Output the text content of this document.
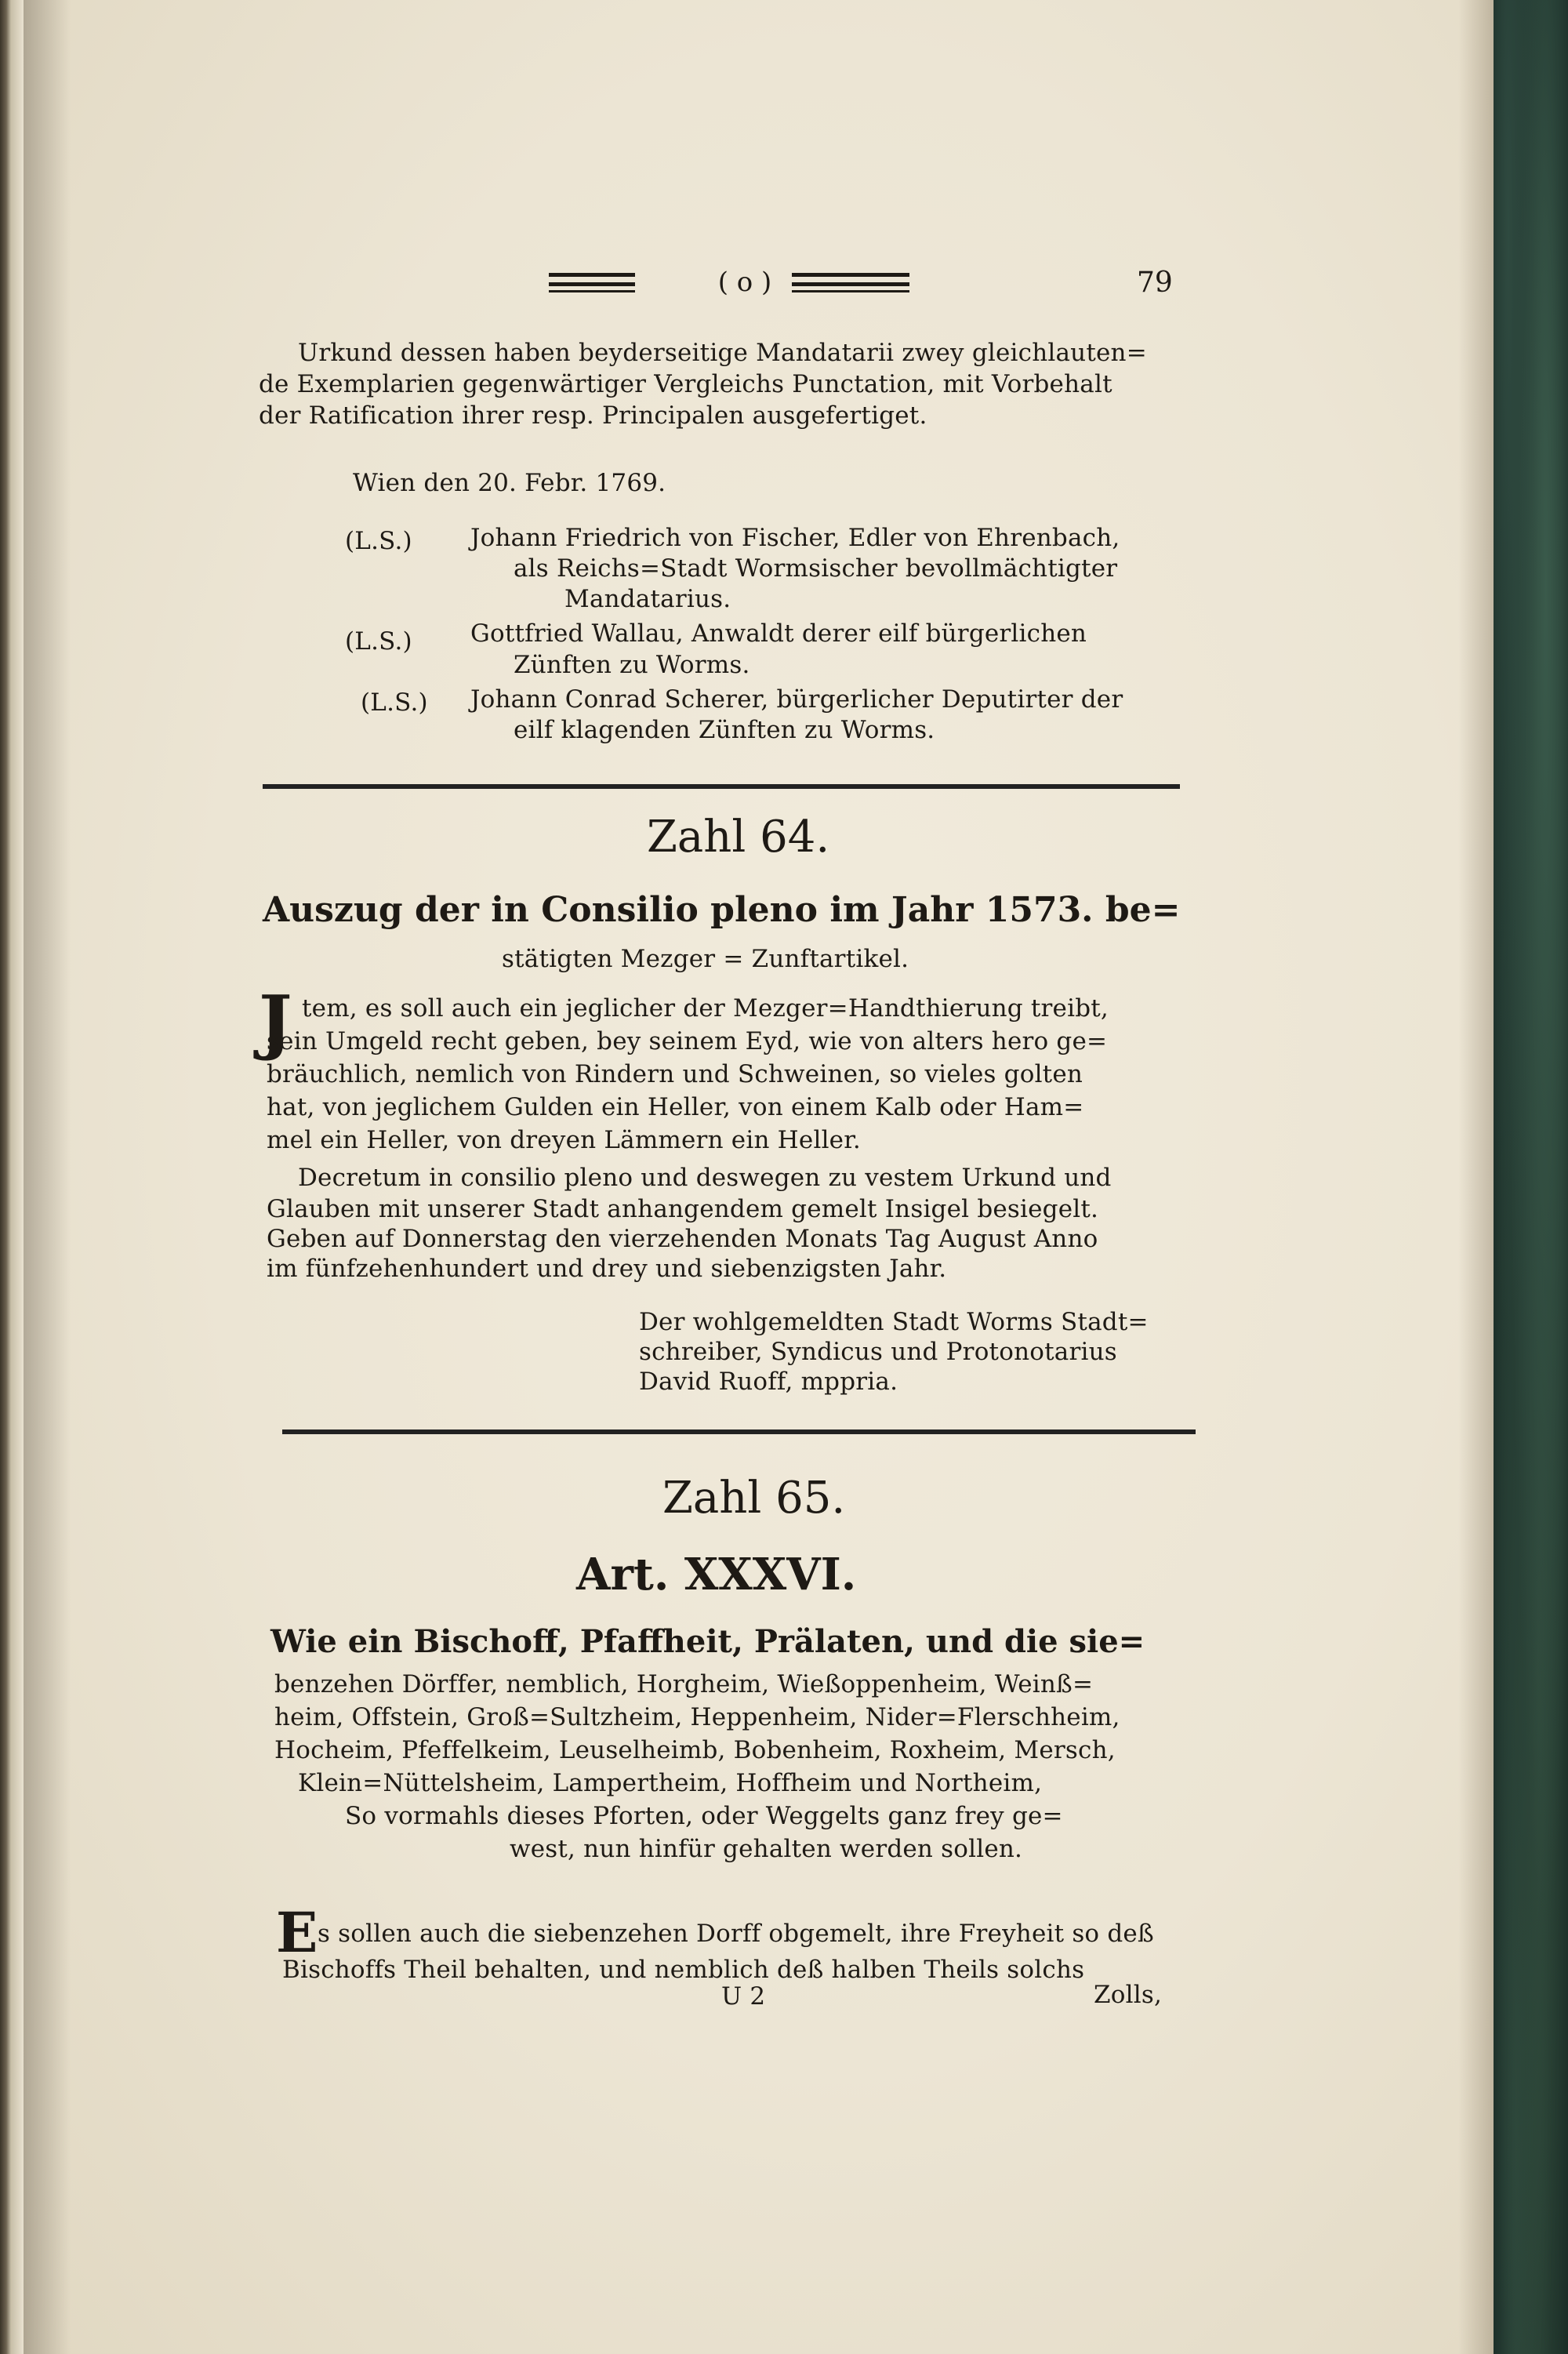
( o )	79
Urkund dessen haben beyderseitige Mandatarii zwey gleichlauten=
de Exemplarien gegenwärtiger Vergleichs Punctation, mit Vorbehalt
der Ratification ihrer resp. Principalen ausgefertiget.
Wien den 20. Febr. 1769.
(L.S.) Johann Friedrich von Fischer, Edler von Ehrenbach,
als Reichs=Stadt Wormsischer bevollmächtigter
Mandatarius.
(L.S.) Gottfried Wallau, Anwaldt derer eilf bürgerlichen
Zünften zu Worms.
(L.S.) Johann Conrad Scherer, bürgerlicher Deputirter der
eilf klagenden Zünften zu Worms.
Zahl 64.
Auszug der in Consilio pleno im Jahr 1573. be=
stätigten Mezger = Zunftartikel.
J tem, es soll auch ein jeglicher der Mezger=Handthierung treibt,
sein Umgeld recht geben, bey seinem Eyd, wie von alters hero ge=
bräuchlich, nemlich von Rindern und Schweinen, so vieles golten
hat, von jeglichem Gulden ein Heller, von einem Kalb oder Ham=
mel ein Heller, von dreyen Lämmern ein Heller.
Decretum in consilio pleno und deswegen zu vestem Urkund und
Glauben mit unserer Stadt anhangendem gemelt Insigel besiegelt.
Geben auf Donnerstag den vierzehenden Monats Tag August Anno
im fünfzehenhundert und drey und siebenzigsten Jahr.
Der wohlgemeldten Stadt Worms Stadt=
schreiber, Syndicus und Protonotarius
David Ruoff, mppria.
Zahl 65.
Art. XXXVI.
Wie ein Bischoff, Pfaffheit, Prälaten, und die sie=
benzehen Dörffer, nemblich, Horgheim, Wießoppenheim, Weinß=
heim, Offstein, Groß=Sultzheim, Heppenheim, Nider=Flerschheim,
Hocheim, Pfeffelkeim, Leuselheimb, Bobenheim, Roxheim, Mersch,
Klein=Nüttelsheim, Lampertheim, Hoffheim und Northeim,
So vormahls dieses Pforten, oder Weggelts ganz frey ge=
west, nun hinfür gehalten werden sollen.
E s sollen auch die siebenzehen Dorff obgemelt, ihre Freyheit so deß
Bischoffs Theil behalten, und nemblich deß halben Theils solchs
U 2	Zolls,
